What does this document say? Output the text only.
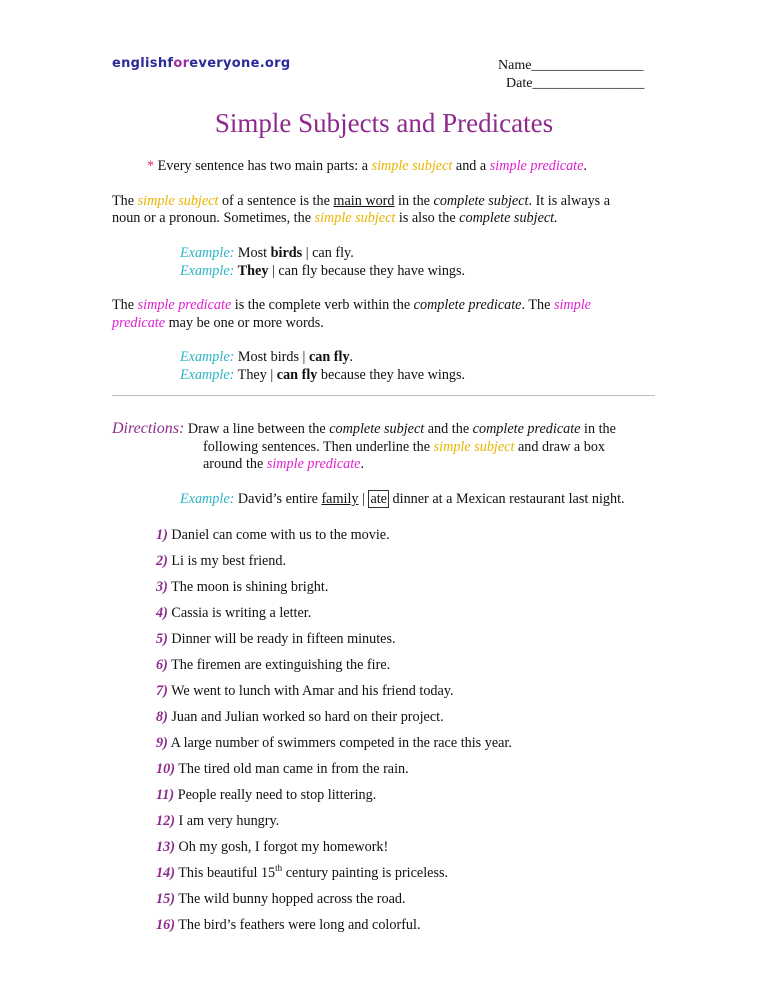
englishforeveryone.org	Name________________
Date________________
Simple Subjects and Predicates
* Every sentence has two main parts: a simple subject and a simple predicate.
The simple subject of a sentence is the main word in the complete subject. It is always a
noun or a pronoun. Sometimes, the simple subject is also the complete subject.
Example: Most birds | can fly.
Example: They | can fly because they have wings.
The simple predicate is the complete verb within the complete predicate. The simple
predicate may be one or more words.
Example: Most birds | can fly.
Example: They | can fly because they have wings.
Directions: Draw a line between the complete subject and the complete predicate in the
following sentences. Then underline the simple subject and draw a box
around the simple predicate.
Example: David’s entire family | ate dinner at a Mexican restaurant last night.
1) Daniel can come with us to the movie.
2) Li is my best friend.
3) The moon is shining bright.
4) Cassia is writing a letter.
5) Dinner will be ready in fifteen minutes.
6) The firemen are extinguishing the fire.
7) We went to lunch with Amar and his friend today.
8) Juan and Julian worked so hard on their project.
9) A large number of swimmers competed in the race this year.
10) The tired old man came in from the rain.
11) People really need to stop littering.
12) I am very hungry.
13) Oh my gosh, I forgot my homework!
14) This beautiful 15th century painting is priceless.
15) The wild bunny hopped across the road.
16) The bird’s feathers were long and colorful.
